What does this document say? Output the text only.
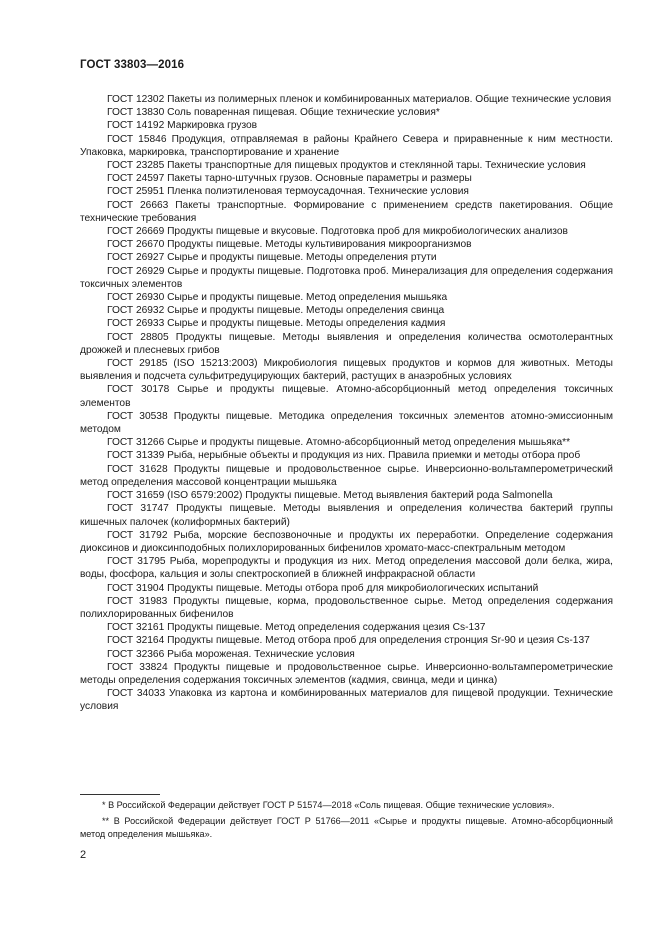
ГОСТ 33803—2016

ГОСТ 12302 Пакеты из полимерных пленок и комбинированных материалов. Общие технические условия

ГОСТ 13830 Соль поваренная пищевая. Общие технические условия*

ГОСТ 14192 Маркировка грузов

ГОСТ 15846 Продукция, отправляемая в районы Крайнего Севера и приравненные к ним местности. Упаковка, маркировка, транспортирование и хранение

ГОСТ 23285 Пакеты транспортные для пищевых продуктов и стеклянной тары. Технические условия

ГОСТ 24597 Пакеты тарно-штучных грузов. Основные параметры и размеры

ГОСТ 25951 Пленка полиэтиленовая термоусадочная. Технические условия

ГОСТ 26663 Пакеты транспортные. Формирование с применением средств пакетирования. Общие технические требования

ГОСТ 26669 Продукты пищевые и вкусовые. Подготовка проб для микробиологических анализов

ГОСТ 26670 Продукты пищевые. Методы культивирования микроорганизмов

ГОСТ 26927 Сырье и продукты пищевые. Методы определения ртути

ГОСТ 26929 Сырье и продукты пищевые. Подготовка проб. Минерализация для определения содержания токсичных элементов

ГОСТ 26930 Сырье и продукты пищевые. Метод определения мышьяка

ГОСТ 26932 Сырье и продукты пищевые. Методы определения свинца

ГОСТ 26933 Сырье и продукты пищевые. Методы определения кадмия

ГОСТ 28805 Продукты пищевые. Методы выявления и определения количества осмотолерантных дрожжей и плесневых грибов

ГОСТ 29185 (ISO 15213:2003) Микробиология пищевых продуктов и кормов для животных. Методы выявления и подсчета сульфитредуцирующих бактерий, растущих в анаэробных условиях

ГОСТ 30178 Сырье и продукты пищевые. Атомно-абсорбционный метод определения токсичных элементов

ГОСТ 30538 Продукты пищевые. Методика определения токсичных элементов атомно-эмиссионным методом

ГОСТ 31266 Сырье и продукты пищевые. Атомно-абсорбционный метод определения мышьяка**

ГОСТ 31339 Рыба, нерыбные объекты и продукция из них. Правила приемки и методы отбора проб

ГОСТ 31628 Продукты пищевые и продовольственное сырье. Инверсионно-вольтамперометрический метод определения массовой концентрации мышьяка

ГОСТ 31659 (ISO 6579:2002) Продукты пищевые. Метод выявления бактерий рода Salmonella

ГОСТ 31747 Продукты пищевые. Методы выявления и определения количества бактерий группы кишечных палочек (колиформных бактерий)

ГОСТ 31792 Рыба, морские беспозвоночные и продукты их переработки. Определение содержания диоксинов и диоксинподобных полихлорированных бифенилов хромато-масс-спектральным методом

ГОСТ 31795 Рыба, морепродукты и продукция из них. Метод определения массовой доли белка, жира, воды, фосфора, кальция и золы спектроскопией в ближней инфракрасной области

ГОСТ 31904 Продукты пищевые. Методы отбора проб для микробиологических испытаний

ГОСТ 31983 Продукты пищевые, корма, продовольственное сырье. Метод определения содержания полихлорированных бифенилов

ГОСТ 32161 Продукты пищевые. Метод определения содержания цезия Cs-137

ГОСТ 32164 Продукты пищевые. Метод отбора проб для определения стронция Sr-90 и цезия Cs-137

ГОСТ 32366 Рыба мороженая. Технические условия

ГОСТ 33824 Продукты пищевые и продовольственное сырье. Инверсионно-вольтамперометрические методы определения содержания токсичных элементов (кадмия, свинца, меди и цинка)

ГОСТ 34033 Упаковка из картона и комбинированных материалов для пищевой продукции. Технические условия

* В Российской Федерации действует ГОСТ Р 51574—2018 «Соль пищевая. Общие технические условия».

** В Российской Федерации действует ГОСТ Р 51766—2011 «Сырье и продукты пищевые. Атомно-абсорбционный метод определения мышьяка».

2
